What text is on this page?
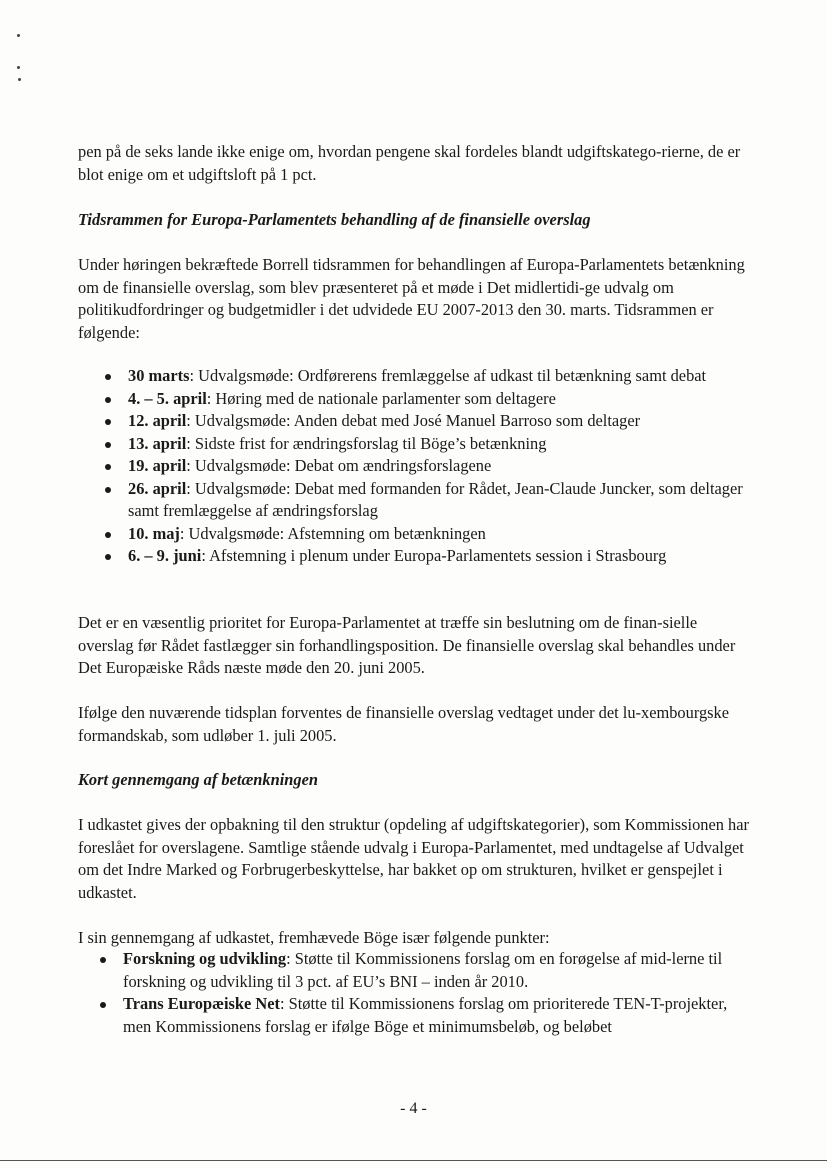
pen på de seks lande ikke enige om, hvordan pengene skal fordeles blandt udgiftskatego-rierne, de er blot enige om et udgiftsloft på 1 pct.

Tidsrammen for Europa-Parlamentets behandling af de finansielle overslag

Under høringen bekræftede Borrell tidsrammen for behandlingen af Europa-Parlamentets betænkning om de finansielle overslag, som blev præsenteret på et møde i Det midlertidi-ge udvalg om politikudfordringer og budgetmidler i det udvidede EU 2007-2013 den 30. marts. Tidsrammen er følgende:

30 marts: Udvalgsmøde: Ordførerens fremlæggelse af udkast til betænkning samt debat
4. – 5. april: Høring med de nationale parlamenter som deltagere
12. april: Udvalgsmøde: Anden debat med José Manuel Barroso som deltager
13. april: Sidste frist for ændringsforslag til Böge’s betænkning
19. april: Udvalgsmøde: Debat om ændringsforslagene
26. april: Udvalgsmøde: Debat med formanden for Rådet, Jean-Claude Juncker, som deltager samt fremlæggelse af ændringsforslag
10. maj: Udvalgsmøde: Afstemning om betænkningen
6. – 9. juni: Afstemning i plenum under Europa-Parlamentets session i Strasbourg

Det er en væsentlig prioritet for Europa-Parlamentet at træffe sin beslutning om de finan-sielle overslag før Rådet fastlægger sin forhandlingsposition. De finansielle overslag skal behandles under Det Europæiske Råds næste møde den 20. juni 2005.

Ifølge den nuværende tidsplan forventes de finansielle overslag vedtaget under det lu-xembourgske formandskab, som udløber 1. juli 2005.

Kort gennemgang af betænkningen

I udkastet gives der opbakning til den struktur (opdeling af udgiftskategorier), som Kommissionen har foreslået for overslagene. Samtlige stående udvalg i Europa-Parlamentet, med undtagelse af Udvalget om det Indre Marked og Forbrugerbeskyttelse, har bakket op om strukturen, hvilket er genspejlet i udkastet.

I sin gennemgang af udkastet, fremhævede Böge især følgende punkter:

Forskning og udvikling: Støtte til Kommissionens forslag om en forøgelse af mid-lerne til forskning og udvikling til 3 pct. af EU’s BNI – inden år 2010.
Trans Europæiske Net: Støtte til Kommissionens forslag om prioriterede TEN-T-projekter, men Kommissionens forslag er ifølge Böge et minimumsbeløb, og beløbet
- 4 -
